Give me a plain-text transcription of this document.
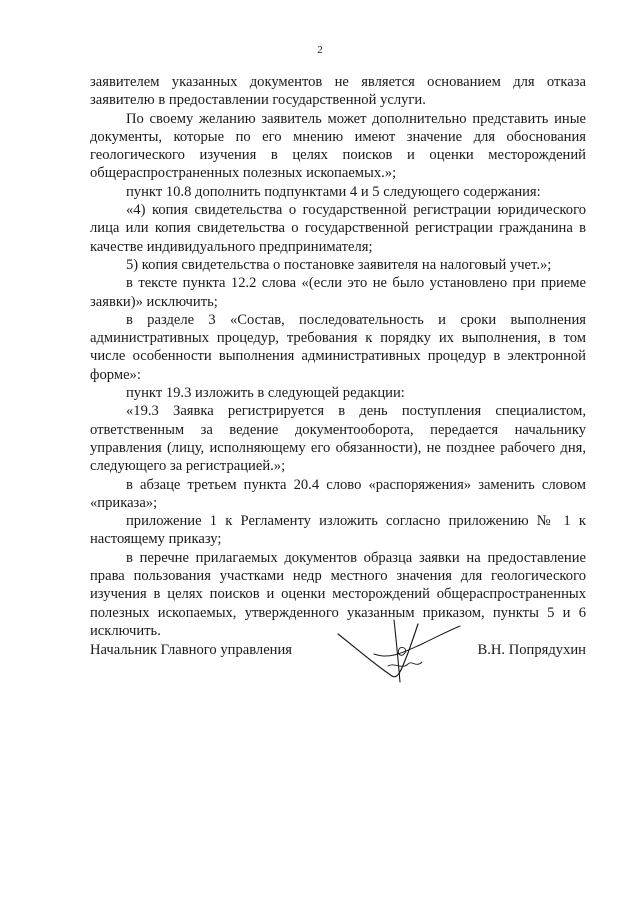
2

заявителем указанных документов не является основанием для отказа заявителю в предоставлении государственной услуги.

По своему желанию заявитель может дополнительно представить иные документы, которые по его мнению имеют значение для обоснования геологического изучения в целях поисков и оценки месторождений общераспространенных полезных ископаемых.»;

пункт 10.8 дополнить подпунктами 4 и 5 следующего содержания:

«4) копия свидетельства о государственной регистрации юридического лица или копия свидетельства о государственной регистрации гражданина в качестве индивидуального предпринимателя;

5) копия свидетельства о постановке заявителя на налоговый учет.»;

в тексте пункта 12.2 слова «(если это не было установлено при приеме заявки)» исключить;

в разделе 3 «Состав, последовательность и сроки выполнения административных процедур, требования к порядку их выполнения, в том числе особенности выполнения административных процедур в электронной форме»:

пункт 19.3 изложить в следующей редакции:

«19.3 Заявка регистрируется в день поступления специалистом, ответственным за ведение документооборота, передается начальнику управления (лицу, исполняющему его обязанности), не позднее рабочего дня, следующего за регистрацией.»;

в абзаце третьем пункта 20.4 слово «распоряжения» заменить словом «приказа»;

приложение 1 к Регламенту изложить согласно приложению № 1 к настоящему приказу;

в перечне прилагаемых документов образца заявки на предоставление права пользования участками недр местного значения для геологического изучения в целях поисков и оценки месторождений общераспространенных полезных ископаемых, утвержденного указанным приказом, пункты 5 и 6 исключить.

Начальник Главного управления	В.Н. Попрядухин
